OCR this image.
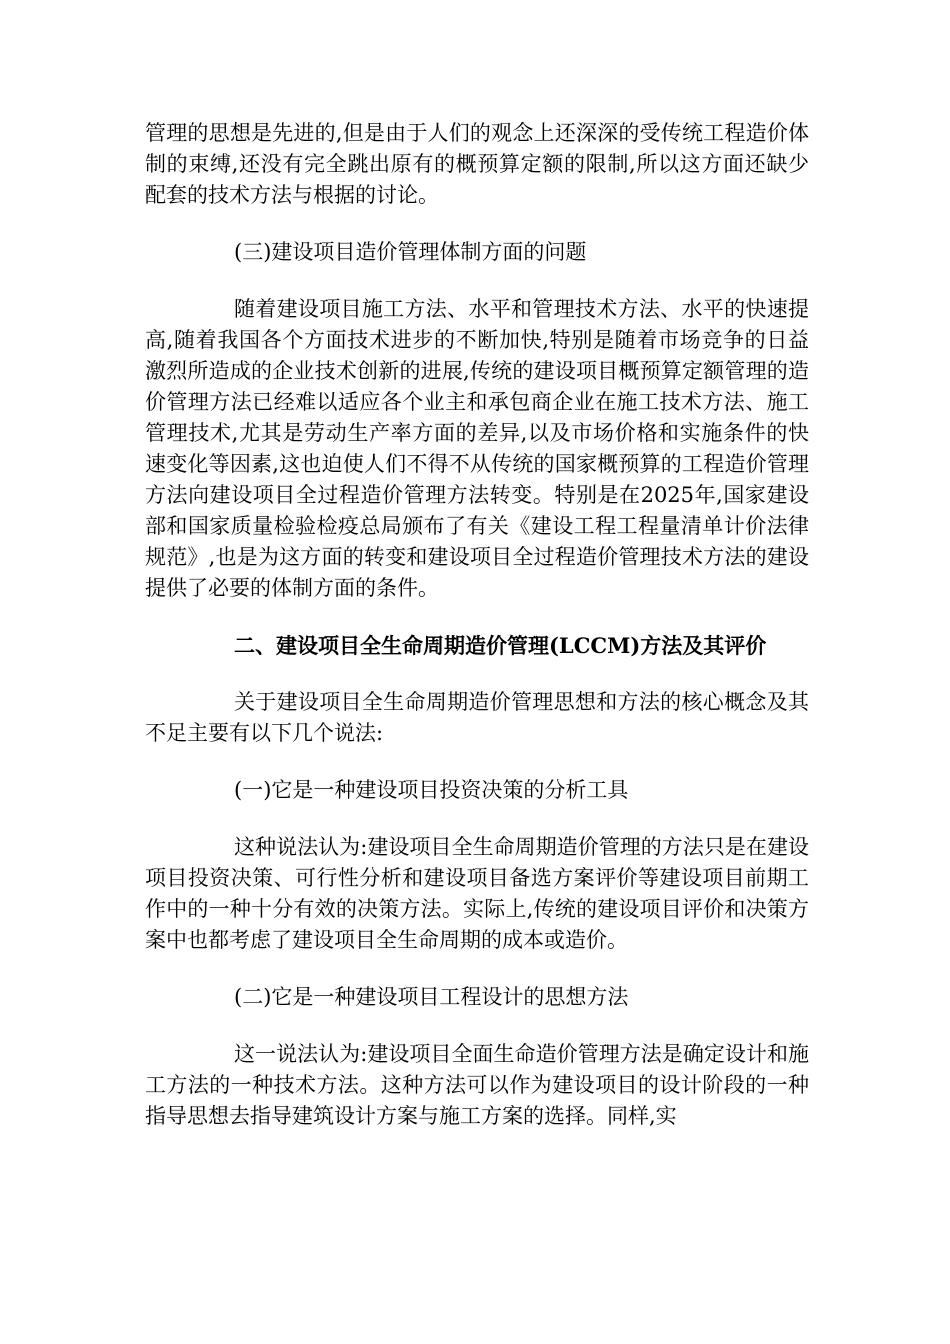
管理的思想是先进的,但是由于人们的观念上还深深的受传统工程造价体制的束缚,还没有完全跳出原有的概预算定额的限制,所以这方面还缺少配套的技术方法与根据的讨论。

(三)建设项目造价管理体制方面的问题

随着建设项目施工方法、水平和管理技术方法、水平的快速提高,随着我国各个方面技术进步的不断加快,特别是随着市场竞争的日益激烈所造成的企业技术创新的进展,传统的建设项目概预算定额管理的造价管理方法已经难以适应各个业主和承包商企业在施工技术方法、施工管理技术,尤其是劳动生产率方面的差异,以及市场价格和实施条件的快速变化等因素,这也迫使人们不得不从传统的国家概预算的工程造价管理方法向建设项目全过程造价管理方法转变。特别是在2025年,国家建设部和国家质量检验检疫总局颁布了有关《建设工程工程量清单计价法律规范》,也是为这方面的转变和建设项目全过程造价管理技术方法的建设提供了必要的体制方面的条件。

二、建设项目全生命周期造价管理(LCCM)方法及其评价

关于建设项目全生命周期造价管理思想和方法的核心概念及其不足主要有以下几个说法:

(一)它是一种建设项目投资决策的分析工具

这种说法认为:建设项目全生命周期造价管理的方法只是在建设项目投资决策、可行性分析和建设项目备选方案评价等建设项目前期工作中的一种十分有效的决策方法。实际上,传统的建设项目评价和决策方案中也都考虑了建设项目全生命周期的成本或造价。

(二)它是一种建设项目工程设计的思想方法

这一说法认为:建设项目全面生命造价管理方法是确定设计和施工方法的一种技术方法。这种方法可以作为建设项目的设计阶段的一种指导思想去指导建筑设计方案与施工方案的选择。同样,实
